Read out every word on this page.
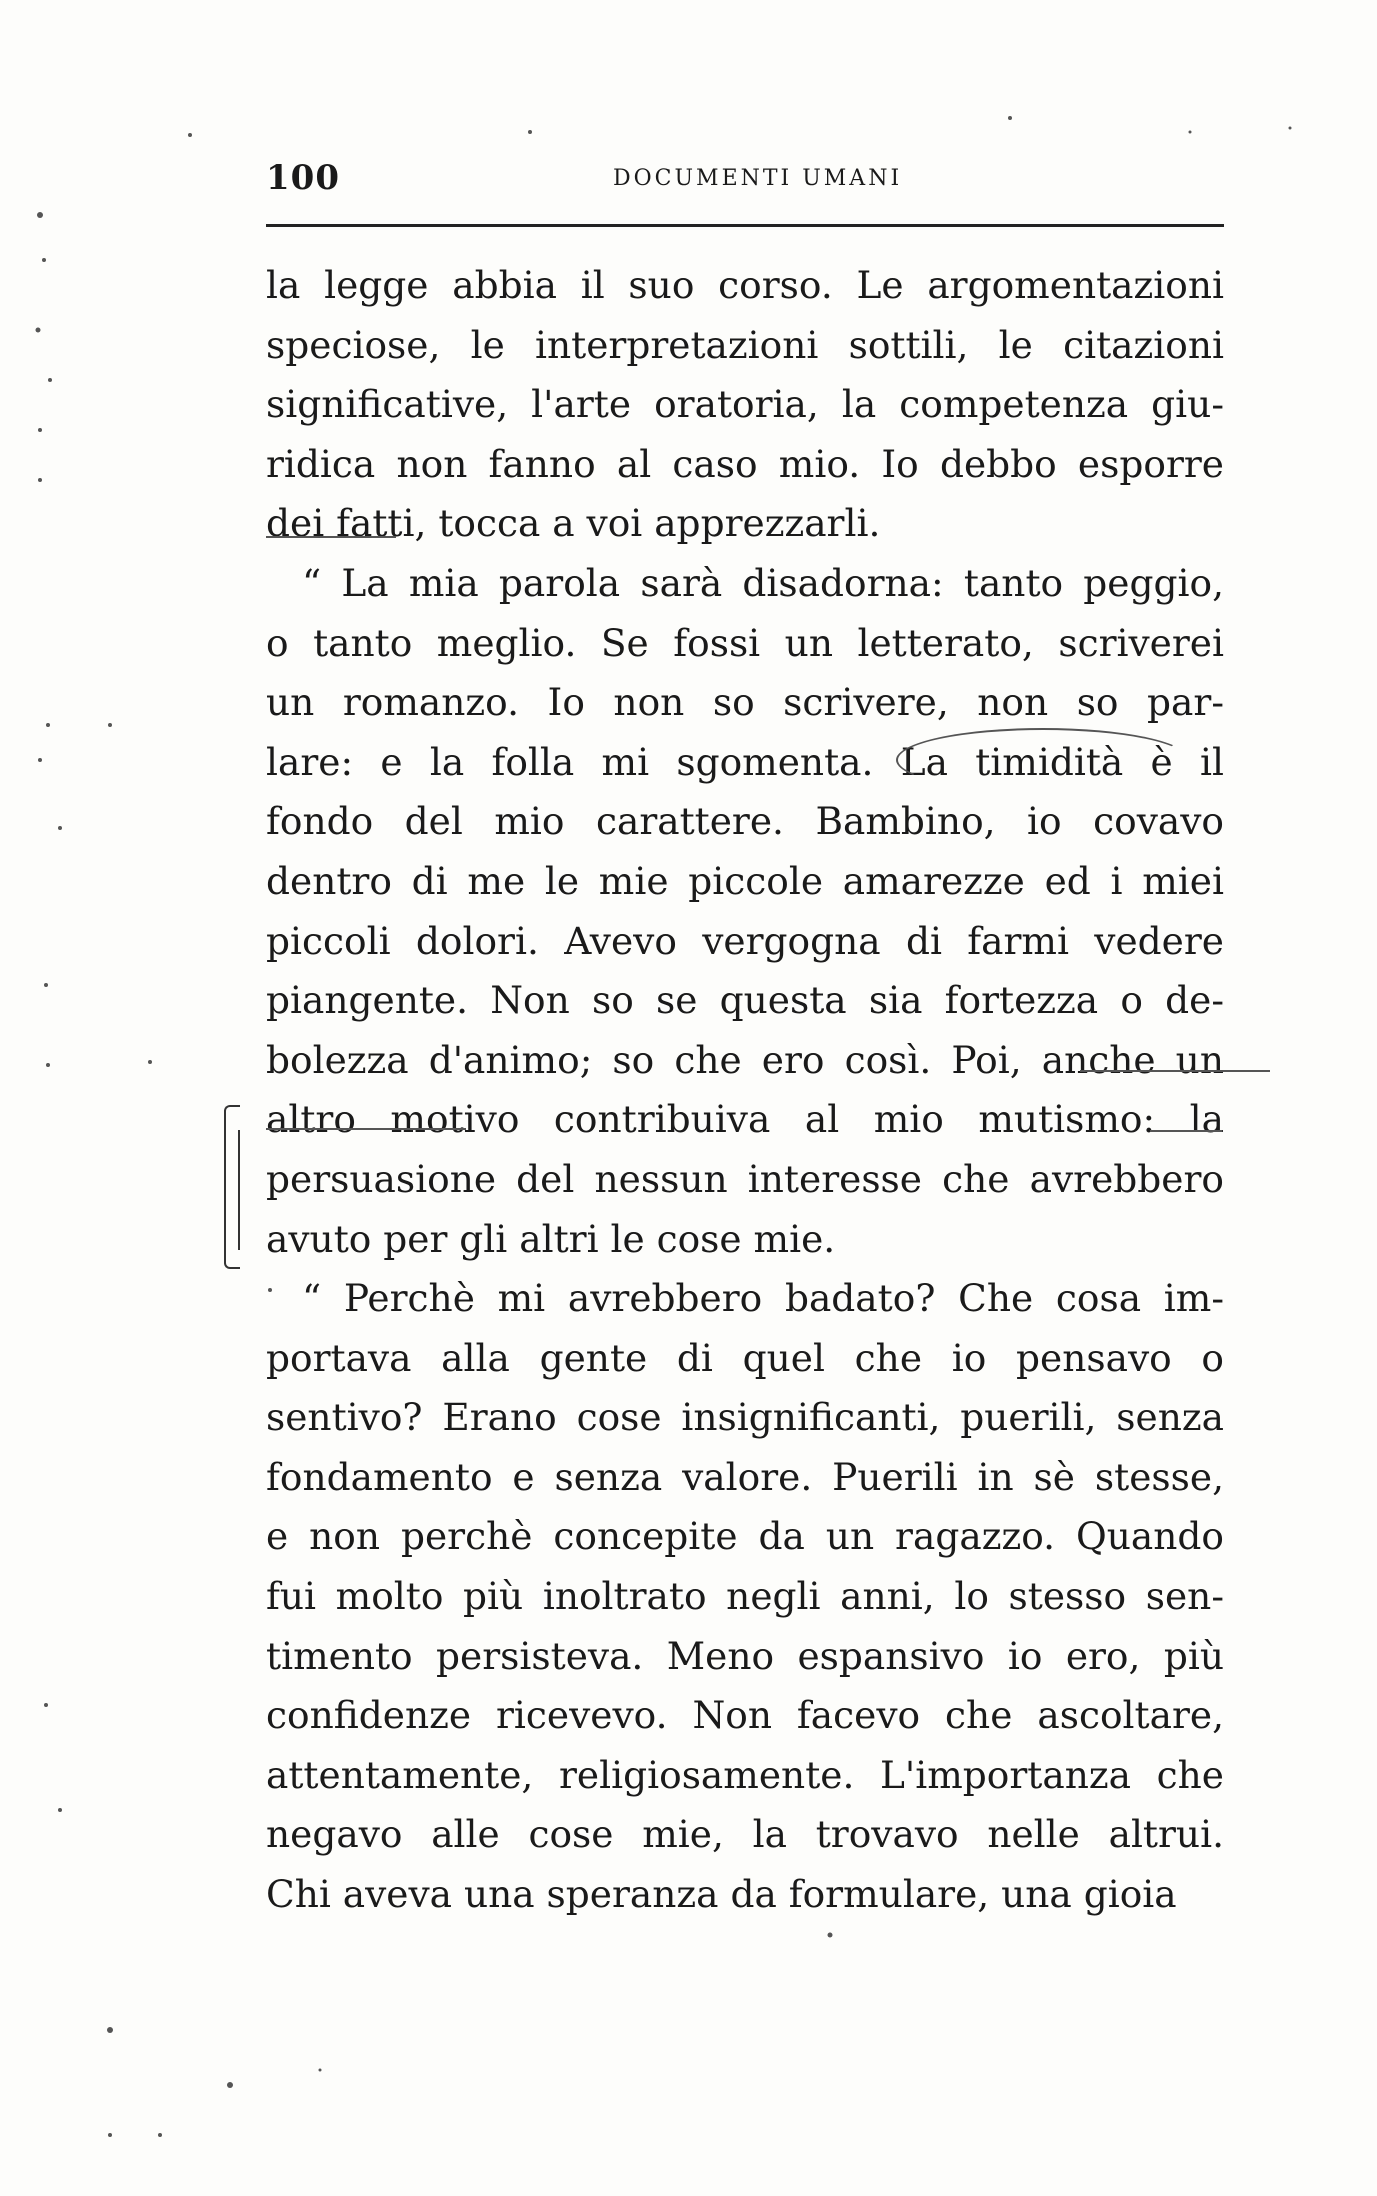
100	DOCUMENTI UMANI
la legge abbia il suo corso. Le argomentazioni
speciose, le interpretazioni sottili, le citazioni
significative, l'arte oratoria, la competenza giu-
ridica non fanno al caso mio. Io debbo esporre
dei fatti, tocca a voi apprezzarli.
“ La mia parola sarà disadorna: tanto peggio,
o tanto meglio. Se fossi un letterato, scriverei
un romanzo. Io non so scrivere, non so par-
lare: e la folla mi sgomenta. La timidità è il
fondo del mio carattere. Bambino, io covavo
dentro di me le mie piccole amarezze ed i miei
piccoli dolori. Avevo vergogna di farmi vedere
piangente. Non so se questa sia fortezza o de-
bolezza d'animo; so che ero così. Poi, anche un
altro motivo contribuiva al mio mutismo: la
persuasione del nessun interesse che avrebbero
avuto per gli altri le cose mie.
“ Perchè mi avrebbero badato? Che cosa im-
portava alla gente di quel che io pensavo o
sentivo? Erano cose insignificanti, puerili, senza
fondamento e senza valore. Puerili in sè stesse,
e non perchè concepite da un ragazzo. Quando
fui molto più inoltrato negli anni, lo stesso sen-
timento persisteva. Meno espansivo io ero, più
confidenze ricevevo. Non facevo che ascoltare,
attentamente, religiosamente. L'importanza che
negavo alle cose mie, la trovavo nelle altrui.
Chi aveva una speranza da formulare, una gioia
